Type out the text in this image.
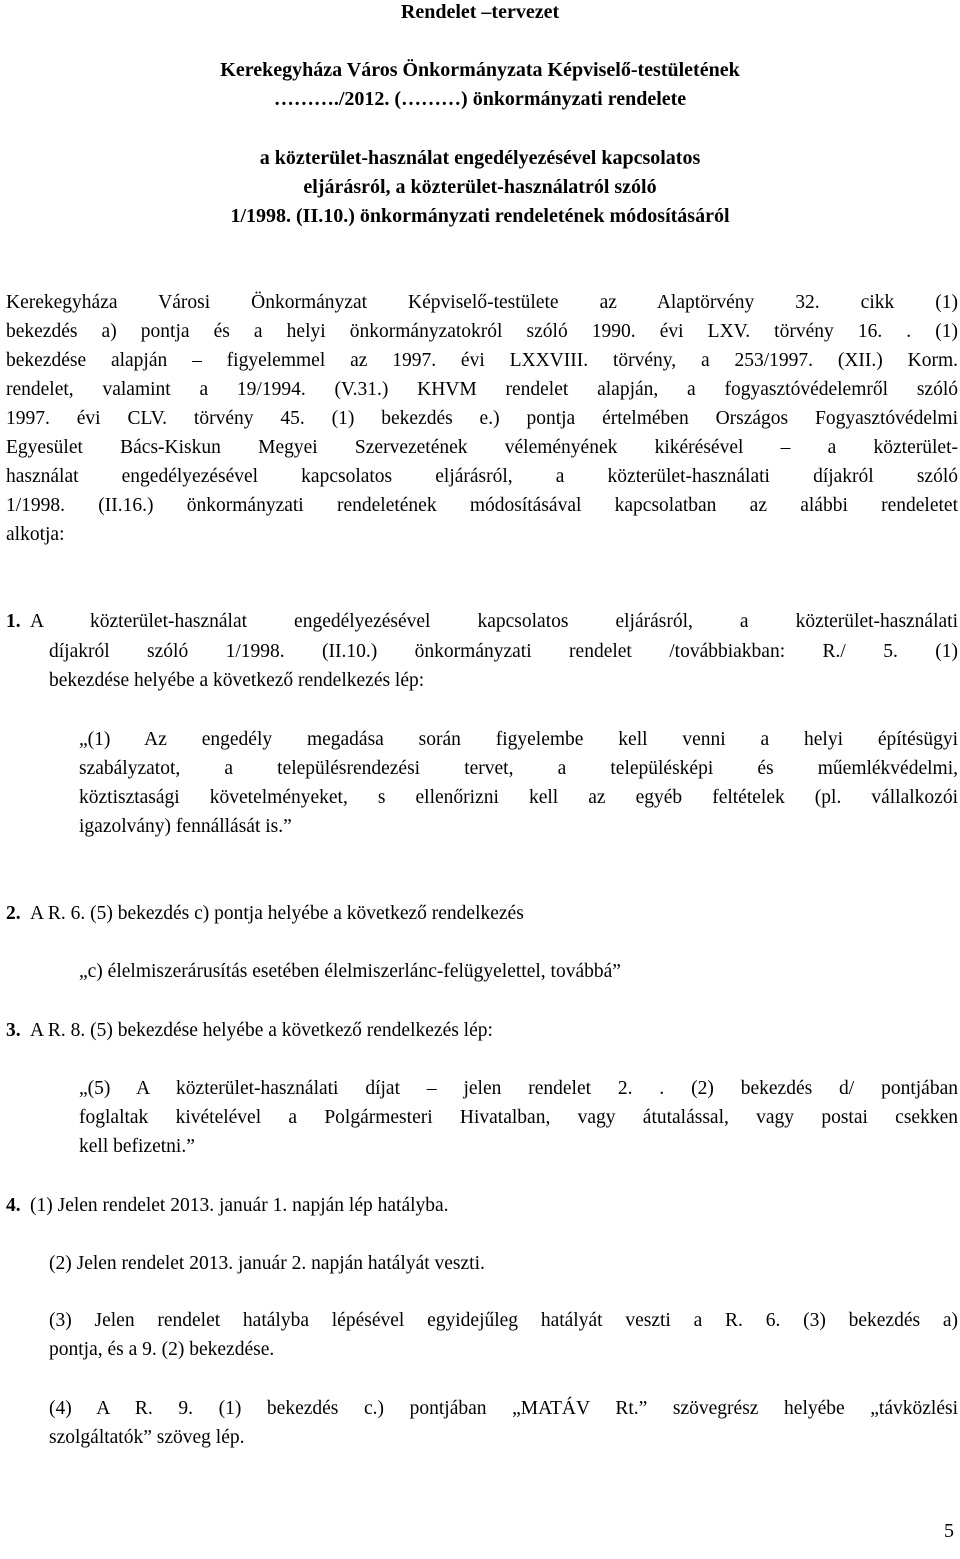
Rendelet –tervezet
Kerekegyháza Város Önkormányzata Képviselő-testületének
………./2012. (………) önkormányzati rendelete
a közterület-használat engedélyezésével kapcsolatos
eljárásról, a közterület-használatról szóló
1/1998. (II.10.) önkormányzati rendeletének módosításáról
Kerekegyháza Városi Önkormányzat Képviselő-testülete az Alaptörvény 32. cikk (1)
bekezdés a) pontja és a helyi önkormányzatokról szóló 1990. évi LXV. törvény 16. . (1)
bekezdése alapján – figyelemmel az 1997. évi LXXVIII. törvény, a 253/1997. (XII.) Korm.
rendelet, valamint a 19/1994. (V.31.) KHVM rendelet alapján, a fogyasztóvédelemről szóló
1997. évi CLV. törvény 45. (1) bekezdés e.) pontja értelmében Országos Fogyasztóvédelmi
Egyesület Bács-Kiskun Megyei Szervezetének véleményének kikérésével – a közterület-
használat engedélyezésével kapcsolatos eljárásról, a közterület-használati díjakról szóló
1/1998. (II.16.) önkormányzati rendeletének módosításával kapcsolatban az alábbi rendeletet
alkotja:
1. A közterület-használat engedélyezésével kapcsolatos eljárásról, a közterület-használati
díjakról szóló 1/1998. (II.10.) önkormányzati rendelet /továbbiakban: R./ 5. (1)
bekezdése helyébe a következő rendelkezés lép:
„(1) Az engedély megadása során figyelembe kell venni a helyi építésügyi
szabályzatot, a településrendezési tervet, a településképi és műemlékvédelmi,
köztisztasági követelményeket, s ellenőrizni kell az egyéb feltételek (pl. vállalkozói
igazolvány) fennállását is.”
2. A R. 6. (5) bekezdés c) pontja helyébe a következő rendelkezés
„c) élelmiszerárusítás esetében élelmiszerlánc-felügyelettel, továbbá”
3. A R. 8. (5) bekezdése helyébe a következő rendelkezés lép:
„(5) A közterület-használati díjat – jelen rendelet 2. . (2) bekezdés d/ pontjában
foglaltak kivételével a Polgármesteri Hivatalban, vagy átutalással, vagy postai csekken
kell befizetni.”
4. (1) Jelen rendelet 2013. január 1. napján lép hatályba.
(2) Jelen rendelet 2013. január 2. napján hatályát veszti.
(3) Jelen rendelet hatályba lépésével egyidejűleg hatályát veszti a R. 6. (3) bekezdés a)
pontja, és a 9. (2) bekezdése.
(4) A R. 9. (1) bekezdés c.) pontjában „MATÁV Rt.” szövegrész helyébe „távközlési
szolgáltatók” szöveg lép.
5
